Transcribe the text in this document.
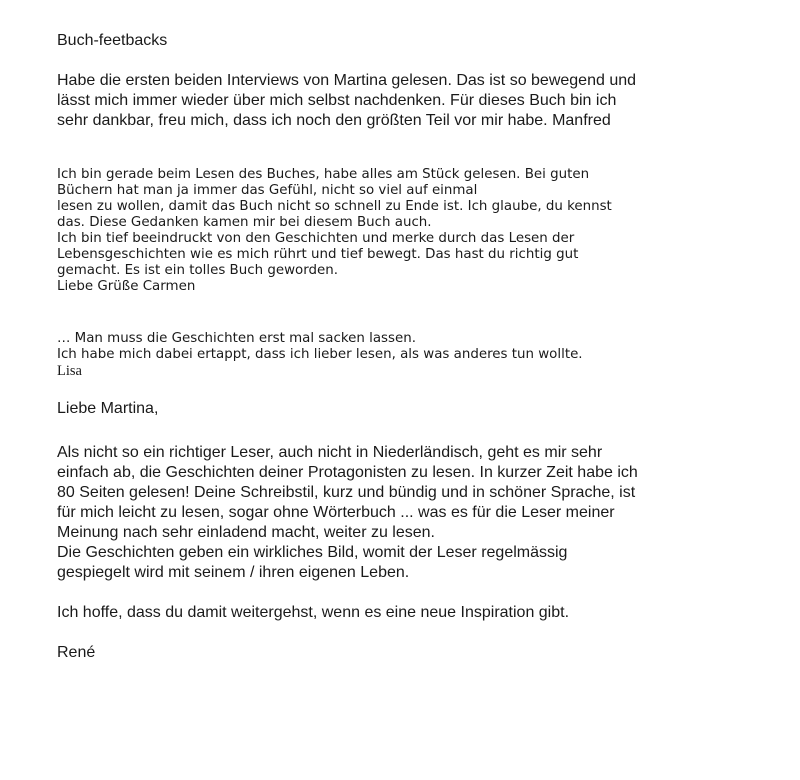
Buch-feetbacks

Habe die ersten beiden Interviews von Martina gelesen. Das ist so bewegend und
lässt mich immer wieder über mich selbst nachdenken. Für dieses Buch bin ich
sehr dankbar, freu mich, dass ich noch den größten Teil vor mir habe. Manfred

Ich bin gerade beim Lesen des Buches, habe alles am Stück gelesen. Bei guten
Büchern hat man ja immer das Gefühl, nicht so viel auf einmal
lesen zu wollen, damit das Buch nicht so schnell zu Ende ist. Ich glaube, du kennst
das. Diese Gedanken kamen mir bei diesem Buch auch.
Ich bin tief beeindruckt von den Geschichten und merke durch das Lesen der
Lebensgeschichten wie es mich rührt und tief bewegt. Das hast du richtig gut
gemacht. Es ist ein tolles Buch geworden.
Liebe Grüße Carmen

… Man muss die Geschichten erst mal sacken lassen.
Ich habe mich dabei ertappt, dass ich lieber lesen, als was anderes tun wollte.

Lisa

Liebe Martina,

Als nicht so ein richtiger Leser, auch nicht in Niederländisch, geht es mir sehr
einfach ab, die Geschichten deiner Protagonisten zu lesen. In kurzer Zeit habe ich
80 Seiten gelesen! Deine Schreibstil, kurz und bündig und in schöner Sprache, ist
für mich leicht zu lesen, sogar ohne Wörterbuch ... was es für die Leser meiner
Meinung nach sehr einladend macht, weiter zu lesen.
Die Geschichten geben ein wirkliches Bild, womit der Leser regelmässig
gespiegelt wird mit seinem / ihren eigenen Leben.

Ich hoffe, dass du damit weitergehst, wenn es eine neue Inspiration gibt.

René
